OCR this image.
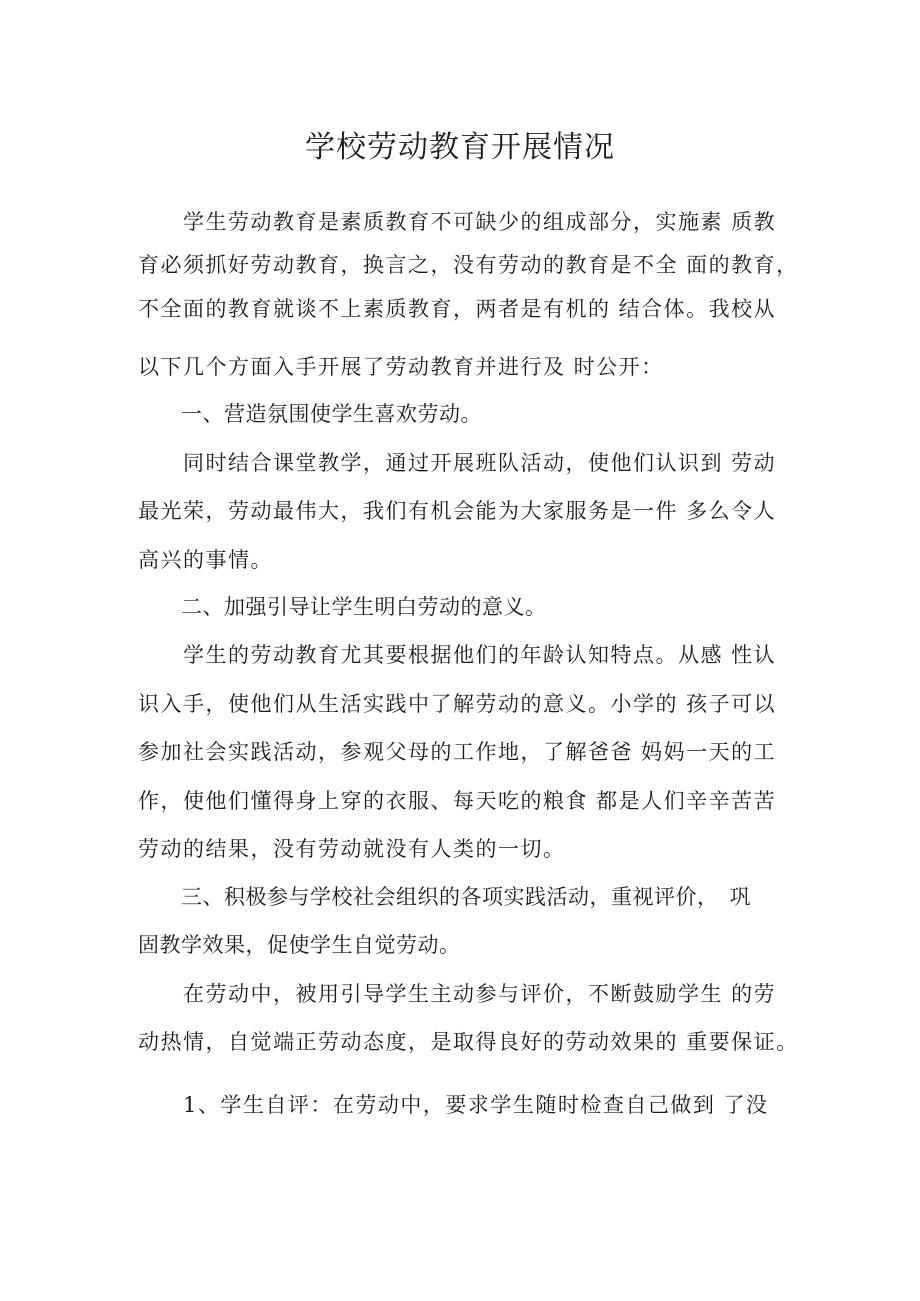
学校劳动教育开展情况
　　学生劳动教育是素质教育不可缺少的组成部分，实施素 质教
育必须抓好劳动教育，换言之，没有劳动的教育是不全 面的教育，
不全面的教育就谈不上素质教育，两者是有机的 结合体。我校从
以下几个方面入手开展了劳动教育并进行及 时公开：
　　一、营造氛围使学生喜欢劳动。
　　同时结合课堂教学，通过开展班队活动，使他们认识到 劳动
最光荣，劳动最伟大，我们有机会能为大家服务是一件 多么令人
高兴的事情。
　　二、加强引导让学生明白劳动的意义。
　　学生的劳动教育尤其要根据他们的年龄认知特点。从感 性认
识入手，使他们从生活实践中了解劳动的意义。小学的 孩子可以
参加社会实践活动，参观父母的工作地，了解爸爸 妈妈一天的工
作，使他们懂得身上穿的衣服、每天吃的粮食 都是人们辛辛苦苦
劳动的结果，没有劳动就没有人类的一切。
　　三、积极参与学校社会组织的各项实践活动，重视评价，　巩
固教学效果，促使学生自觉劳动。
　　在劳动中，被用引导学生主动参与评价，不断鼓励学生 的劳
动热情，自觉端正劳动态度，是取得良好的劳动效果的 重要保证。
　　1、学生自评：在劳动中，要求学生随时检查自己做到 了没
